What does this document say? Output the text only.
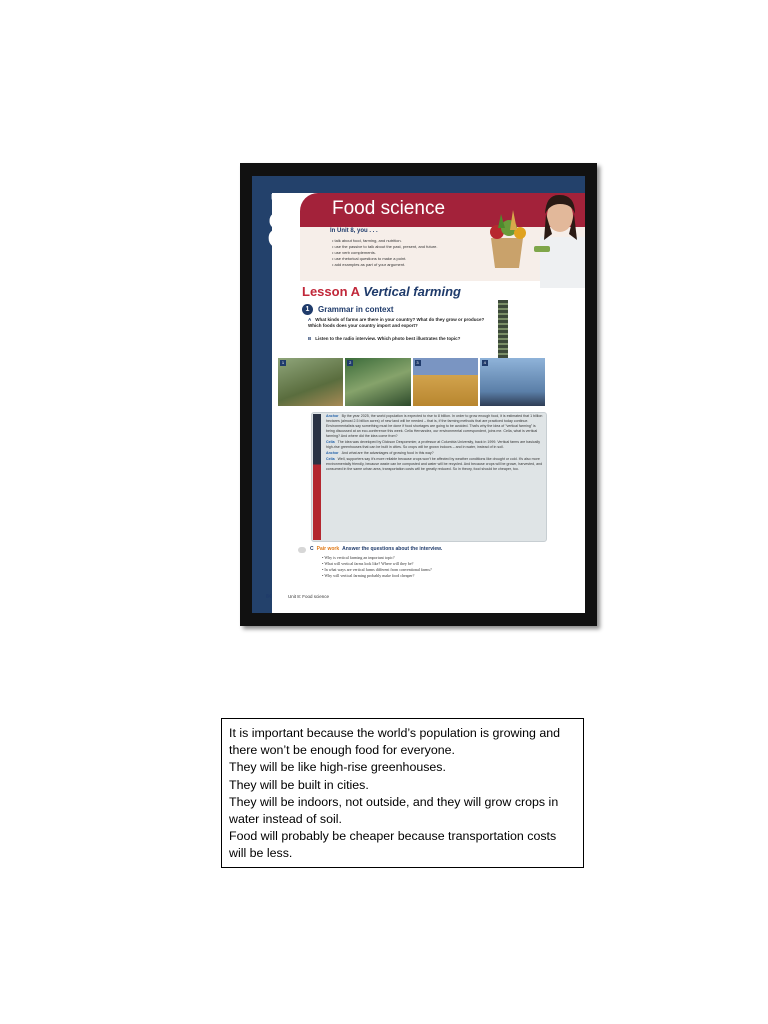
Unit
8 Food science
In Unit 8, you . . .
• talk about food, farming, and nutrition.
• use the passive to talk about the past, present, and future.
• use verb complements.
• use rhetorical questions to make a point.
• add examples as part of your argument.
Lesson A Vertical farming
1	Grammar in context
A What kinds of farms are there in your country? What do they grow or produce? Which foods does your country import and export?
B Listen to the radio interview. Which photo best illustrates the topic?
1	2	3	4

Anchor By the year 2025, the world population is expected to rise to 8 billion. In order to grow enough food, it is estimated that 1 billion hectares (almost 2.5 billion acres) of new land will be needed – that is, if the farming methods that are practiced today continue. Environmentalists say something must be done if food shortages are going to be avoided. That's why the idea of "vertical farming" is being discussed at an eco-conference this week. Celia Hernandez, our environmental correspondent, joins me. Celia, what is vertical farming? And where did the idea come from?

Celia The idea was developed by Dickson Despommier, a professor at Columbia University, back in 1999. Vertical farms are basically high-rise greenhouses that can be built in cities. So crops will be grown indoors – and in water, instead of in soil.

Anchor And what are the advantages of growing food in this way?

Celia Well, supporters say it's more reliable because crops won't be affected by weather conditions like drought or cold. It's also more environmentally friendly, because waste can be composted and water will be recycled. And because crops will be grown, harvested, and consumed in the same urban area, transportation costs will be greatly reduced. So in theory, food should be cheaper, too.

C Pair work Answer the questions about the interview.
• Why is vertical farming an important topic?
• What will vertical farms look like? Where will they be?
• In what ways are vertical farms different from conventional farms?
• Why will vertical farming probably make food cheaper?
84	Unit 8: Food science
It is important because the world’s population is growing and
there won’t be enough food for everyone.
They will be like high-rise greenhouses.
They will be built in cities.
They will be indoors, not outside, and they will grow crops in
water instead of soil.
Food will probably be cheaper because transportation costs
will be less.
